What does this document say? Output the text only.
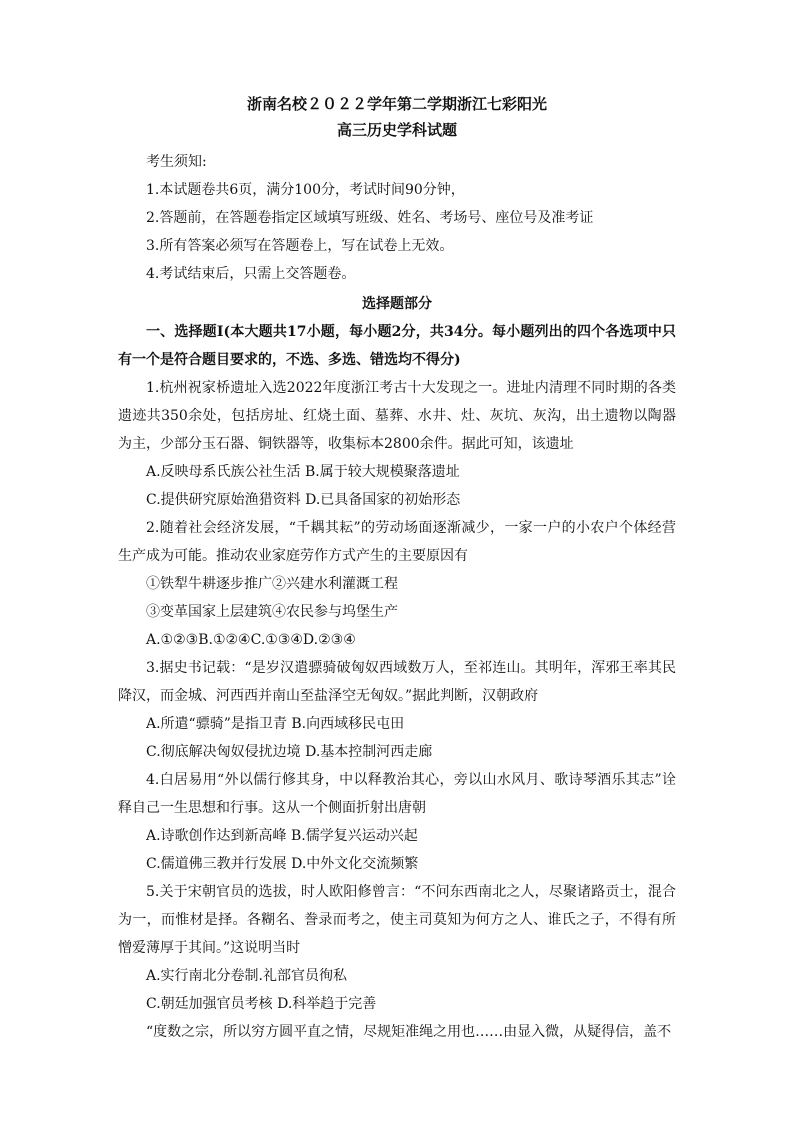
浙南名校２０２２学年第二学期浙江七彩阳光

高三历史学科试题

考生须知:

1.本试题卷共6页，满分100分，考试时间90分钟，

2.答题前，在答题卷指定区域填写班级、姓名、考场号、座位号及准考证

3.所有答案必须写在答题卷上，写在试卷上无效。

4.考试结束后，只需上交答题卷。

选择题部分

一、选择题Ⅰ(本大题共17小题，每小题2分，共34分。每小题列出的四个各选项中只有一个是符合题目要求的，不选、多选、错选均不得分)

1.杭州祝家桥遗址入选2022年度浙江考古十大发现之一。进址内清理不同时期的各类遗迹共350余处，包括房址、红烧土面、墓葬、水井、灶、灰坑、灰沟，出土遗物以陶器为主，少部分玉石器、铜铁器等，收集标本2800余件。据此可知，该遗址

A.反映母系氏族公社生活 B.属于较大规模聚落遗址

C.提供研究原始渔猎资料 D.已具备国家的初始形态

2.随着社会经济发展，“千耦其耘”的劳动场面逐渐减少，一家一户的小农户个体经营生产成为可能。推动农业家庭劳作方式产生的主要原因有

①铁犁牛耕逐步推广②兴建水利灌溉工程

③变革国家上层建筑④农民参与坞堡生产

A.①②③B.①②④C.①③④D.②③④

3.据史书记载：“是岁汉遣骠骑破匈奴西域数万人，至祁连山。其明年，浑邪王率其民降汉，而金城、河西西并南山至盐泽空无匈奴。”据此判断，汉朝政府

A.所遣“骠骑”是指卫青 B.向西域移民屯田

C.彻底解决匈奴侵扰边境 D.基本控制河西走廊

4.白居易用“外以儒行修其身，中以释教治其心，旁以山水风月、歌诗琴酒乐其志”诠释自己一生思想和行事。这从一个侧面折射出唐朝

A.诗歌创作达到新高峰 B.儒学复兴运动兴起

C.儒道佛三教并行发展 D.中外文化交流频繁

5.关于宋朝官员的选拔，时人欧阳修曾言：“不问东西南北之人，尽聚诸路贡士，混合为一，而惟材是择。各糊名、誊录而考之，使主司莫知为何方之人、谁氏之子，不得有所憎爱薄厚于其间。”这说明当时

A.实行南北分卷制.礼部官员徇私

C.朝廷加强官员考核 D.科举趋于完善

“度数之宗，所以穷方圆平直之情，尽规矩准绳之用也……由显入微，从疑得信，盖不
